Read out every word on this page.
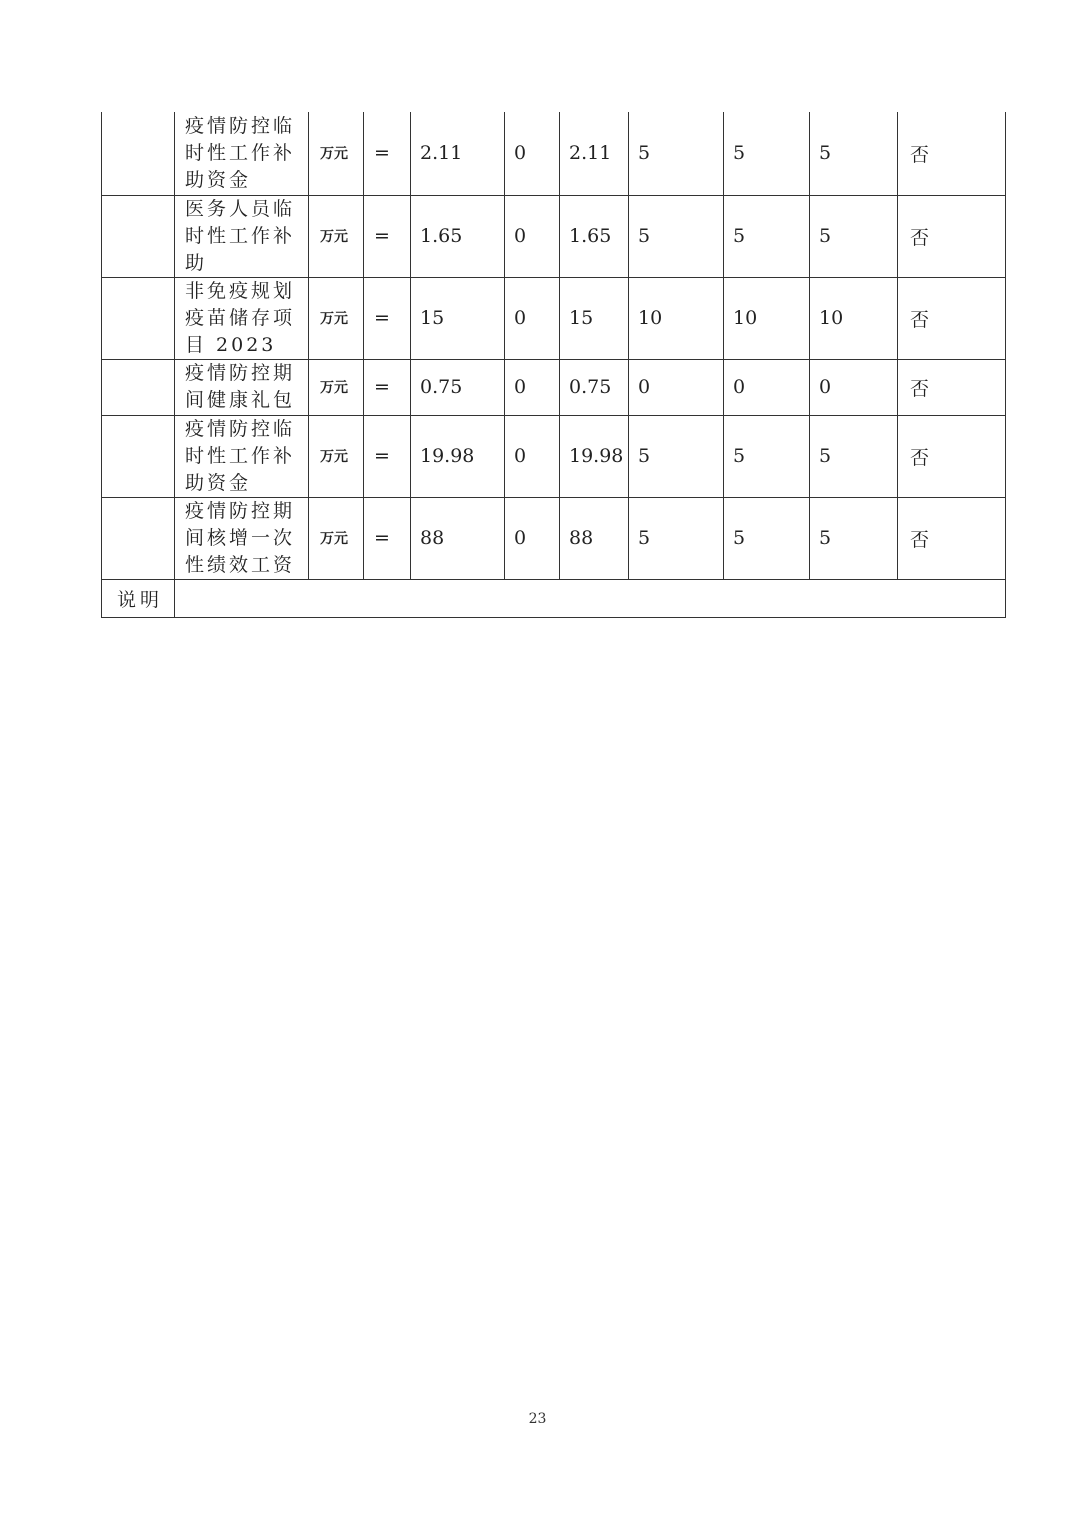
	疫情防控临时性工作补助资金	万元	=	2.11	0	2.11	5	5	5	否
	医务人员临时性工作补助	万元	=	1.65	0	1.65	5	5	5	否
	非免疫规划疫苗储存项目 2023	万元	=	15	0	15	10	10	10	否
	疫情防控期间健康礼包	万元	=	0.75	0	0.75	0	0	0	否
	疫情防控临时性工作补助资金	万元	=	19.98	0	19.98	5	5	5	否
	疫情防控期间核增一次性绩效工资	万元	=	88	0	88	5	5	5	否
说明										
23
